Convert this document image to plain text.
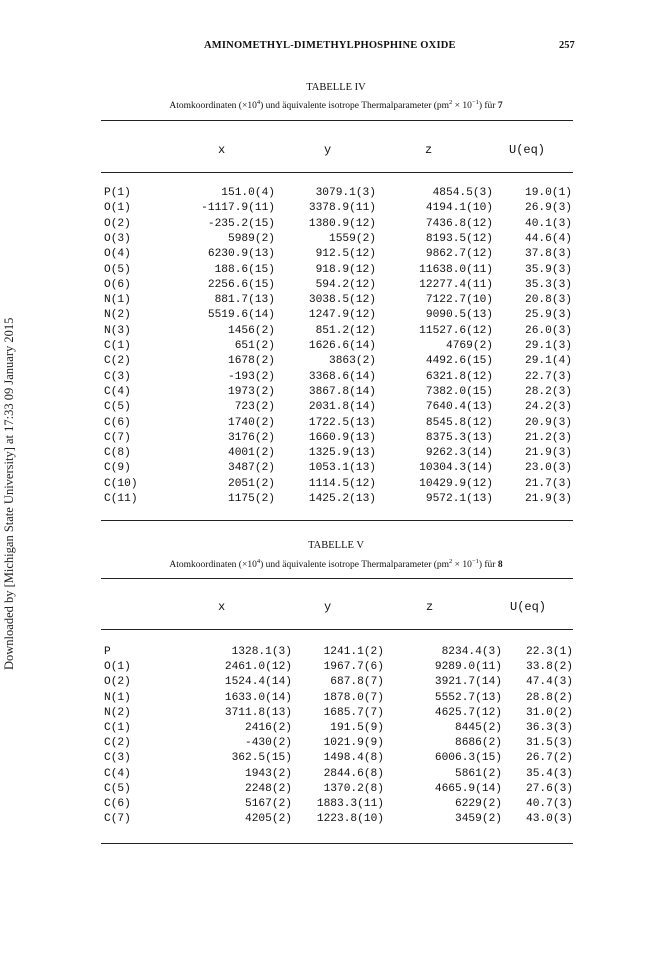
AMINOMETHYL-DIMETHYLPHOSPHINE OXIDE	257
Downloaded by [Michigan State University] at 17:33 09 January 2015
TABELLE IV
Atomkoordinaten $(\times 10^4)$ und äquivalente isotrope Thermalparameter $(pm^2 \times 10^{-1})$ für 7
x	y	z	U(eq)
P(1)	151.0(4)	3079.1(3)	4854.5(3)	19.0(1)
O(1)	-1117.9(11)	3378.9(11)	4194.1(10)	26.9(3)
O(2)	-235.2(15)	1380.9(12)	7436.8(12)	40.1(3)
O(3)	5989(2)	1559(2)	8193.5(12)	44.6(4)
O(4)	6230.9(13)	912.5(12)	9862.7(12)	37.8(3)
O(5)	188.6(15)	918.9(12)	11638.0(11)	35.9(3)
O(6)	2256.6(15)	594.2(12)	12277.4(11)	35.3(3)
N(1)	881.7(13)	3038.5(12)	7122.7(10)	20.8(3)
N(2)	5519.6(14)	1247.9(12)	9090.5(13)	25.9(3)
N(3)	1456(2)	851.2(12)	11527.6(12)	26.0(3)
C(1)	651(2)	1626.6(14)	4769(2)	29.1(3)
C(2)	1678(2)	3863(2)	4492.6(15)	29.1(4)
C(3)	-193(2)	3368.6(14)	6321.8(12)	22.7(3)
C(4)	1973(2)	3867.8(14)	7382.0(15)	28.2(3)
C(5)	723(2)	2031.8(14)	7640.4(13)	24.2(3)
C(6)	1740(2)	1722.5(13)	8545.8(12)	20.9(3)
C(7)	3176(2)	1660.9(13)	8375.3(13)	21.2(3)
C(8)	4001(2)	1325.9(13)	9262.3(14)	21.9(3)
C(9)	3487(2)	1053.1(13)	10304.3(14)	23.0(3)
C(10)	2051(2)	1114.5(12)	10429.9(12)	21.7(3)
C(11)	1175(2)	1425.2(13)	9572.1(13)	21.9(3)
TABELLE V
Atomkoordinaten $(\times 10^4)$ und äquivalente isotrope Thermalparameter $(pm^2 \times 10^{-1})$ für 8
x	y	z	U(eq)
P	1328.1(3)	1241.1(2)	8234.4(3)	22.3(1)
O(1)	2461.0(12)	1967.7(6)	9289.0(11)	33.8(2)
O(2)	1524.4(14)	687.8(7)	3921.7(14)	47.4(3)
N(1)	1633.0(14)	1878.0(7)	5552.7(13)	28.8(2)
N(2)	3711.8(13)	1685.7(7)	4625.7(12)	31.0(2)
C(1)	2416(2)	191.5(9)	8445(2)	36.3(3)
C(2)	-430(2)	1021.9(9)	8686(2)	31.5(3)
C(3)	362.5(15)	1498.4(8)	6006.3(15)	26.7(2)
C(4)	1943(2)	2844.6(8)	5861(2)	35.4(3)
C(5)	2248(2)	1370.2(8)	4665.9(14)	27.6(3)
C(6)	5167(2)	1883.3(11)	6229(2)	40.7(3)
C(7)	4205(2)	1223.8(10)	3459(2)	43.0(3)
